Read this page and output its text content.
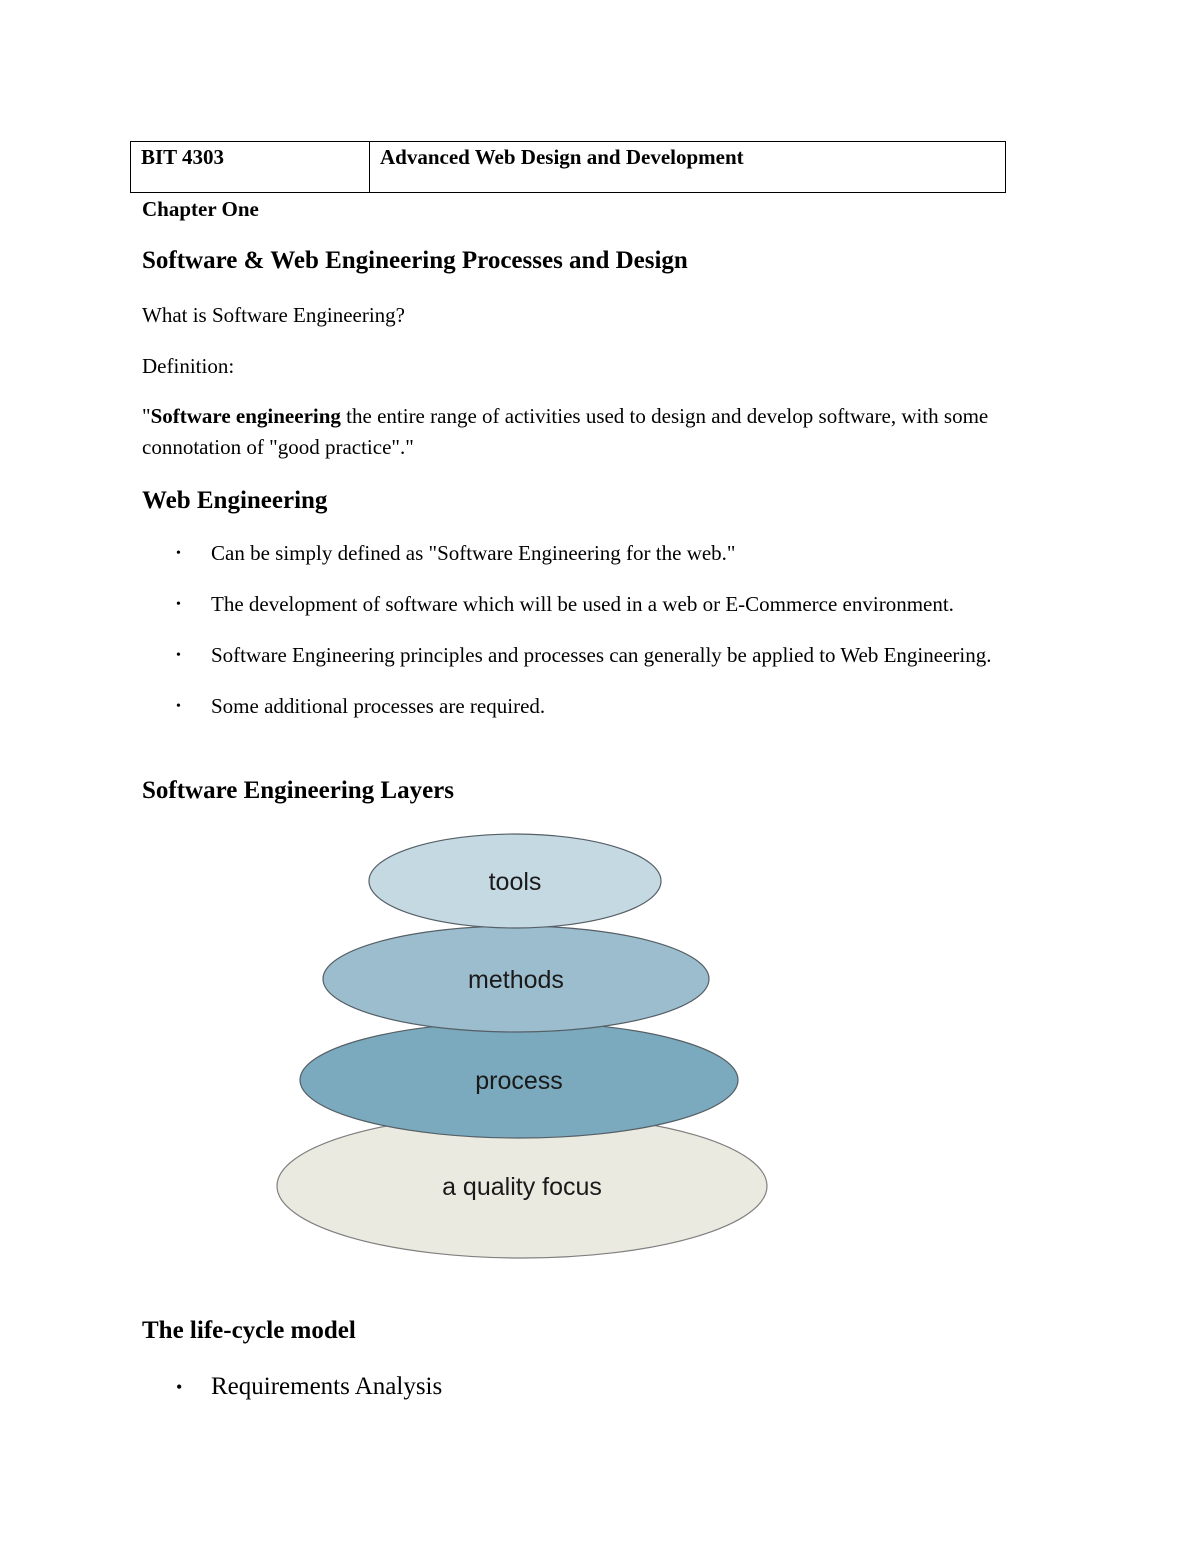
BIT 4303	Advanced Web Design and Development

Chapter One

Software & Web Engineering Processes and Design

What is Software Engineering?

Definition:

"Software engineering the entire range of activities used to design and develop software, with some connotation of "good practice"."

Web Engineering
• Can be simply defined as "Software Engineering for the web."
• The development of software which will be used in a web or E-Commerce environment.
• Software Engineering principles and processes can generally be applied to Web Engineering.
• Some additional processes are required.
Software Engineering Layers
a quality focus
process
methods
tools
The life-cycle model
• Requirements Analysis
